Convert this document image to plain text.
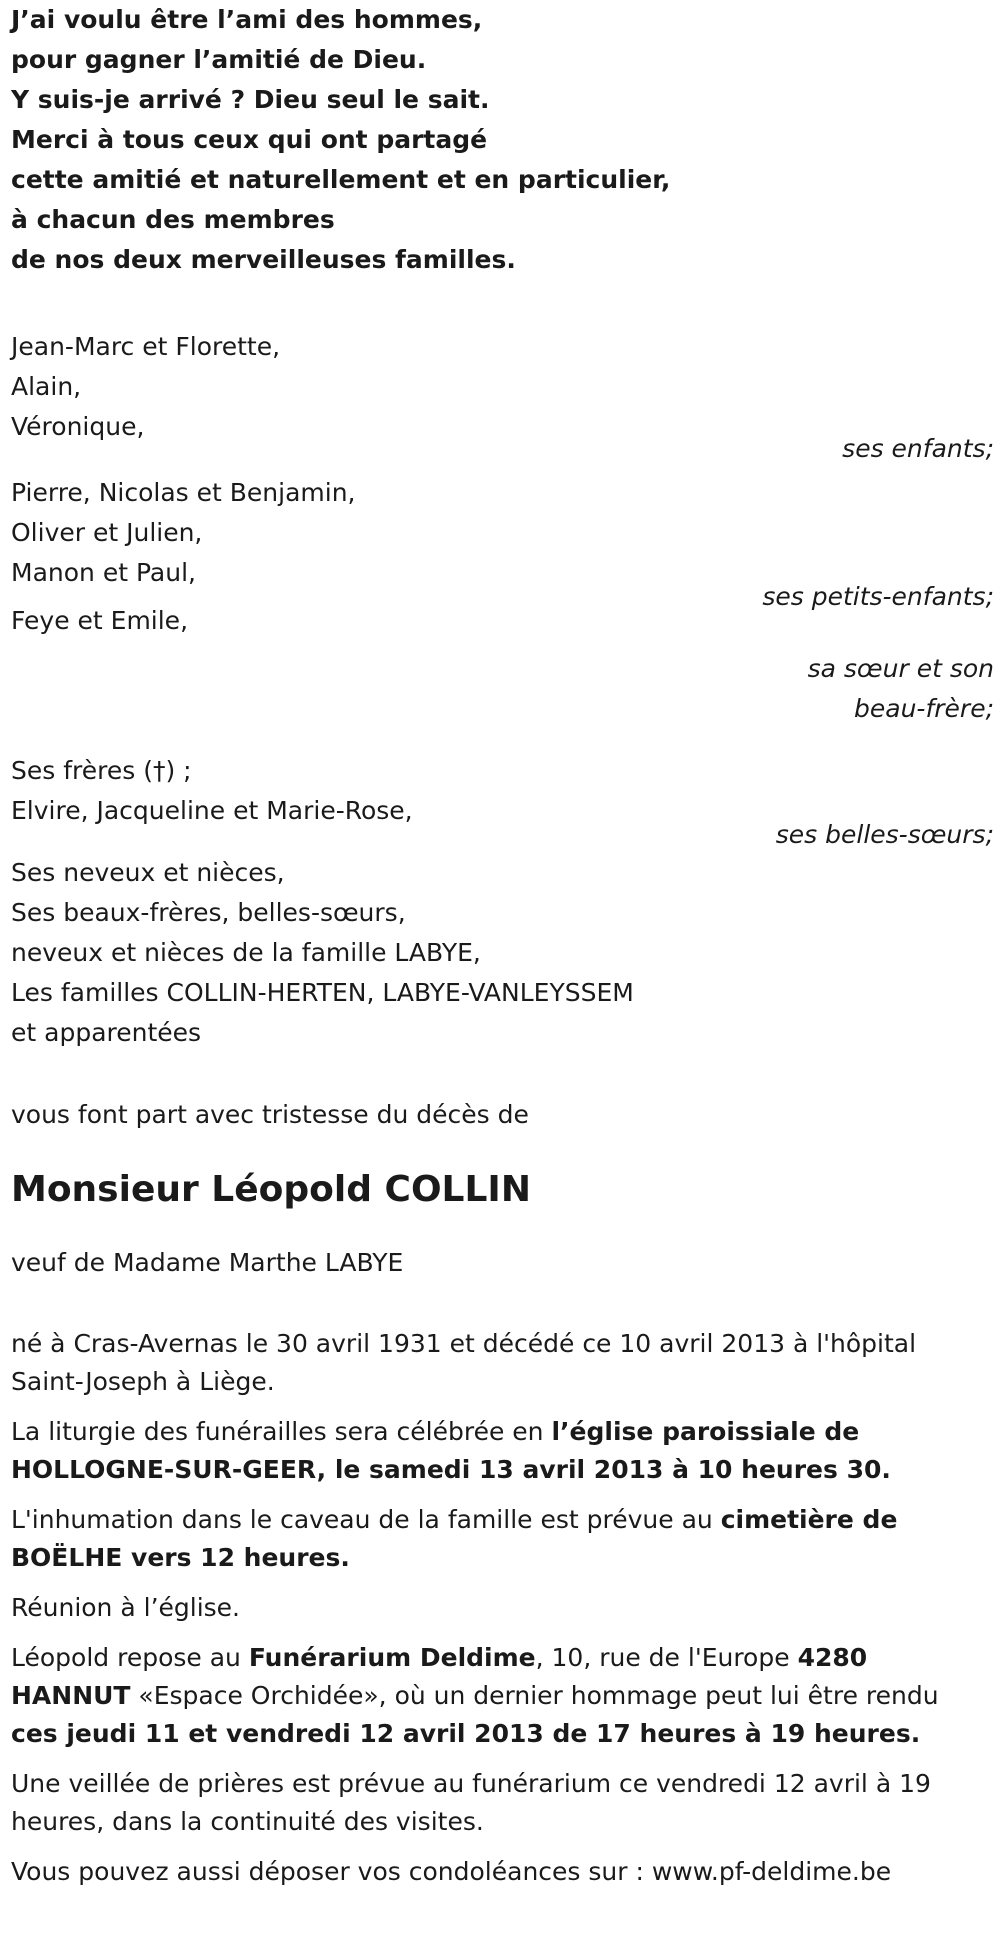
J’ai voulu être l’ami des hommes,
pour gagner l’amitié de Dieu.
Y suis-je arrivé ? Dieu seul le sait.
Merci à tous ceux qui ont partagé
cette amitié et naturellement et en particulier,
à chacun des membres
de nos deux merveilleuses familles.
Jean-Marc et Florette,
Alain,
Véronique,
ses enfants;
Pierre, Nicolas et Benjamin,
Oliver et Julien,
Manon et Paul,
ses petits-enfants;
Feye et Emile,
sa sœur et son
beau-frère;
Ses frères (†) ;
Elvire, Jacqueline et Marie-Rose,
ses belles-sœurs;
Ses neveux et nièces,
Ses beaux-frères, belles-sœurs,
neveux et nièces de la famille LABYE,
Les familles COLLIN-HERTEN, LABYE-VANLEYSSEM
et apparentées
vous font part avec tristesse du décès de
Monsieur Léopold COLLIN
veuf de Madame Marthe LABYE
né à Cras-Avernas le 30 avril 1931 et décédé ce 10 avril 2013 à l'hôpital Saint-Joseph à Liège.
La liturgie des funérailles sera célébrée en l’église paroissiale de HOLLOGNE-SUR-GEER, le samedi 13 avril 2013 à 10 heures 30.
L'inhumation dans le caveau de la famille est prévue au cimetière de BOËLHE vers 12 heures.
Réunion à l’église.
Léopold repose au Funérarium Deldime, 10, rue de l'Europe 4280 HANNUT «Espace Orchidée», où un dernier hommage peut lui être rendu ces jeudi 11 et vendredi 12 avril 2013 de 17 heures à 19 heures.
Une veillée de prières est prévue au funérarium ce vendredi 12 avril à 19 heures, dans la continuité des visites.
Vous pouvez aussi déposer vos condoléances sur : www.pf-deldime.be
